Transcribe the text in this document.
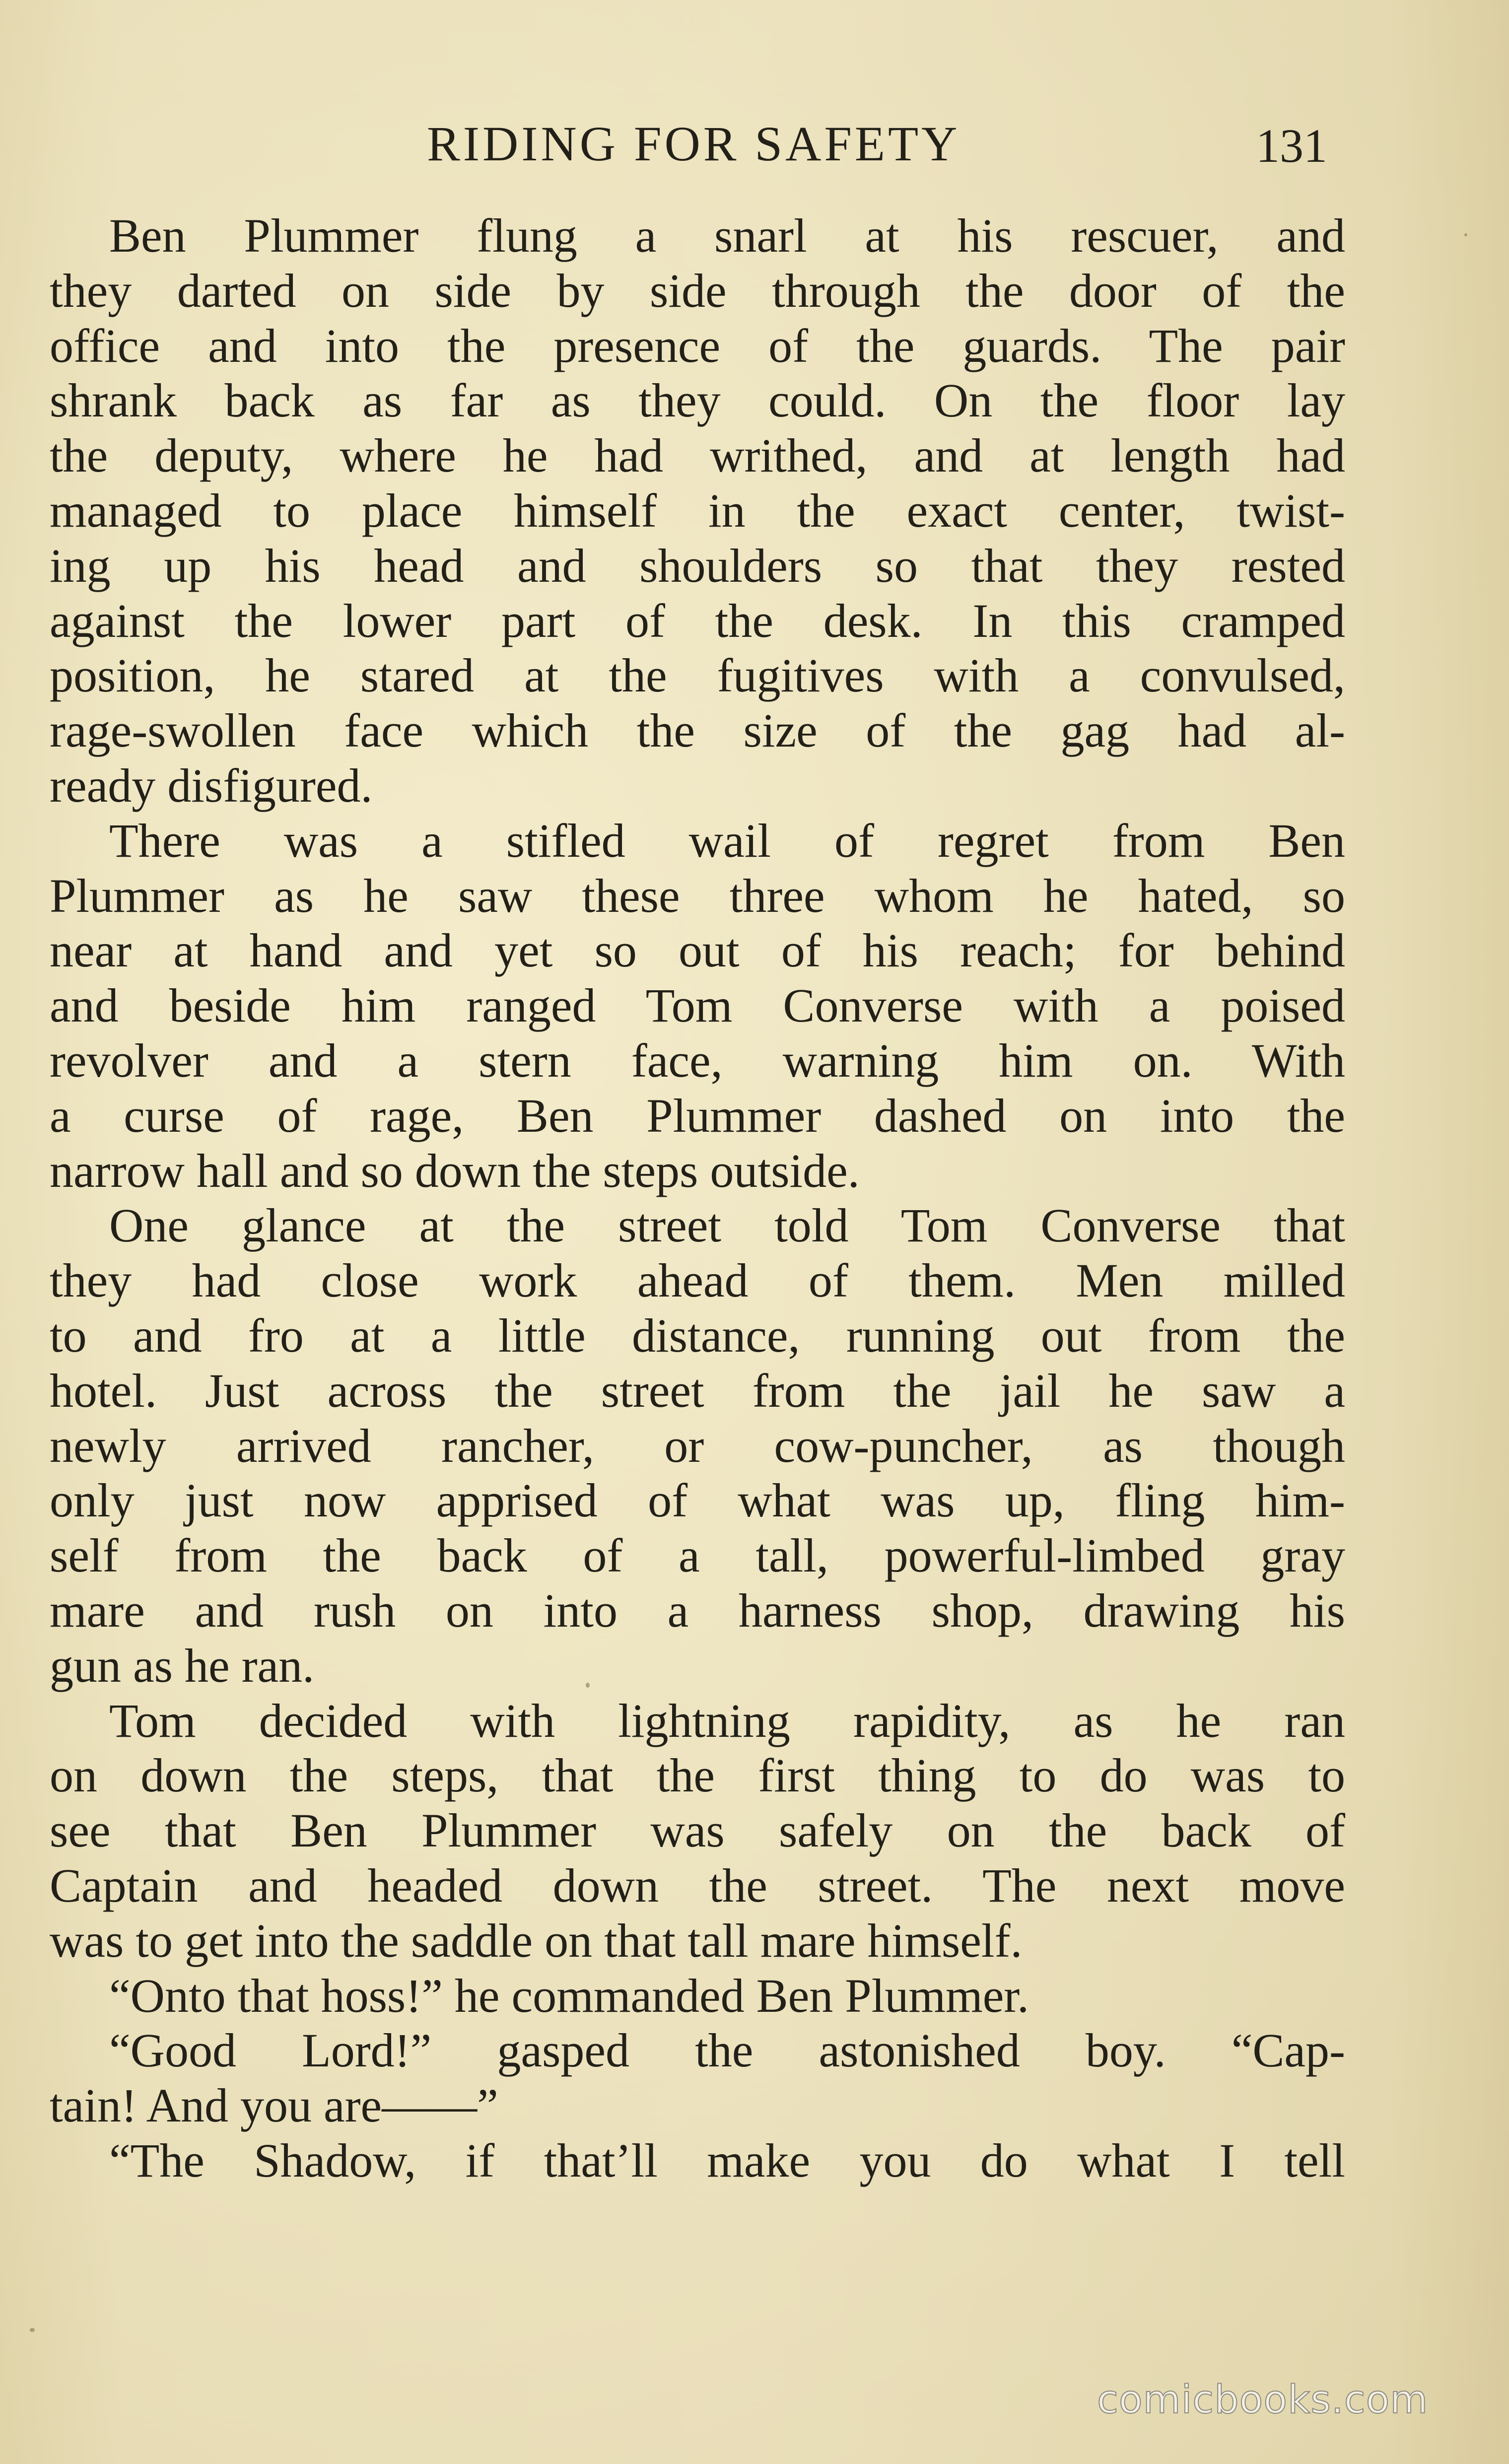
RIDING FOR SAFETY	131
Ben Plummer flung a snarl at his rescuer, and
they darted on side by side through the door of the
office and into the presence of the guards. The pair
shrank back as far as they could. On the floor lay
the deputy, where he had writhed, and at length had
managed to place himself in the exact center, twist-
ing up his head and shoulders so that they rested
against the lower part of the desk. In this cramped
position, he stared at the fugitives with a convulsed,
rage-swollen face which the size of the gag had al-
ready disfigured.
There was a stifled wail of regret from Ben
Plummer as he saw these three whom he hated, so
near at hand and yet so out of his reach; for behind
and beside him ranged Tom Converse with a poised
revolver and a stern face, warning him on. With
a curse of rage, Ben Plummer dashed on into the
narrow hall and so down the steps outside.
One glance at the street told Tom Converse that
they had close work ahead of them. Men milled
to and fro at a little distance, running out from the
hotel. Just across the street from the jail he saw a
newly arrived rancher, or cow-puncher, as though
only just now apprised of what was up, fling him-
self from the back of a tall, powerful-limbed gray
mare and rush on into a harness shop, drawing his
gun as he ran.
Tom decided with lightning rapidity, as he ran
on down the steps, that the first thing to do was to
see that Ben Plummer was safely on the back of
Captain and headed down the street. The next move
was to get into the saddle on that tall mare himself.
“Onto that hoss!” he commanded Ben Plummer.
“Good Lord!” gasped the astonished boy. “Cap-
tain! And you are——”
“The Shadow, if that’ll make you do what I tell
comicbooks.com
